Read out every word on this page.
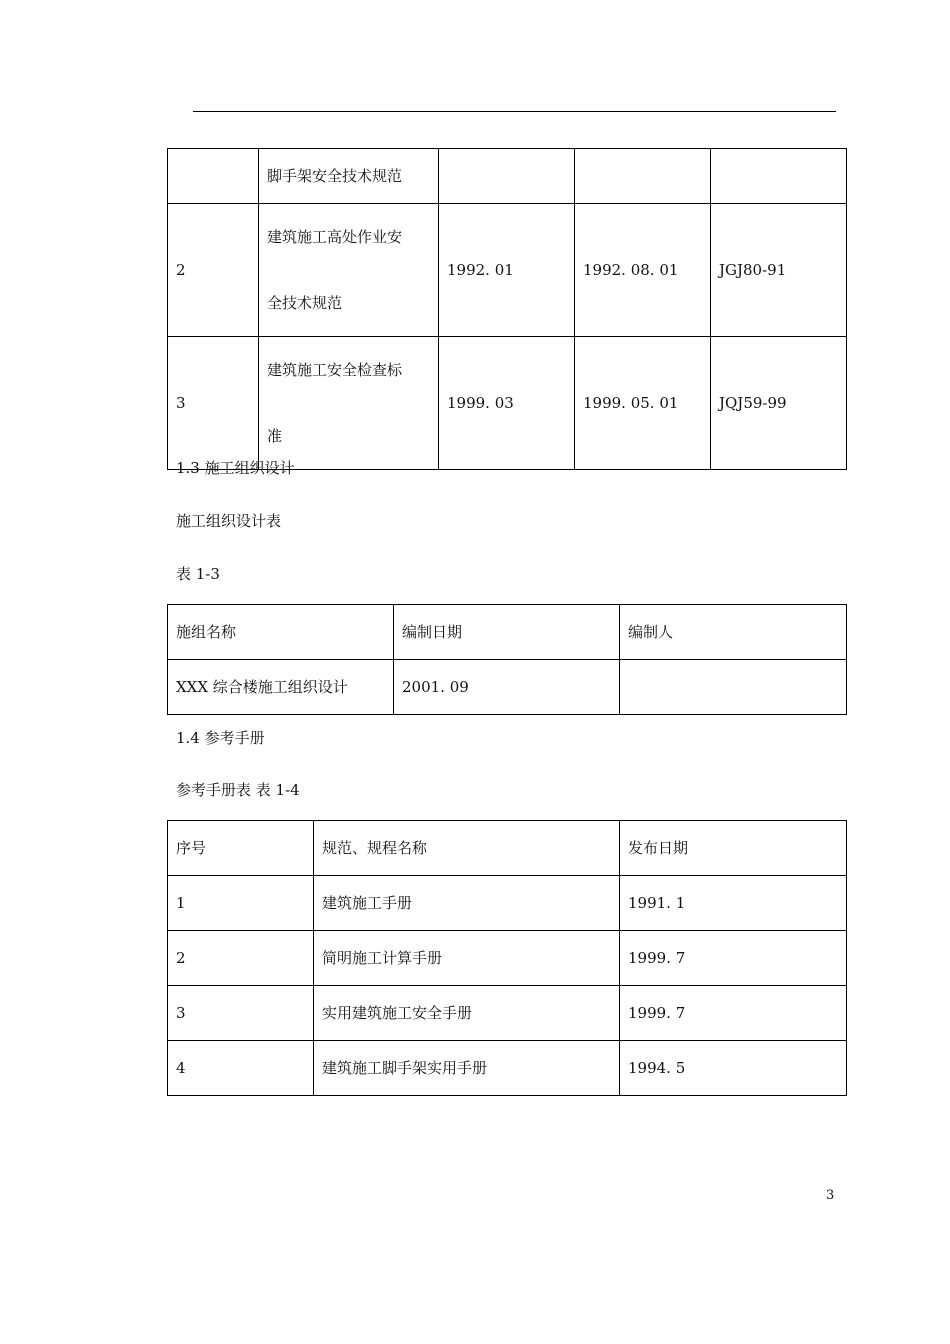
	脚手架安全技术规范			
2	建筑施工高处作业安
全技术规范	1992. 01	1992. 08. 01	JGJ80-91
3	建筑施工安全检查标
准	1999. 03	1999. 05. 01	JQJ59-99
1.3 施工组织设计
施工组织设计表
表 1-3
施组名称	编制日期	编制人
XXX 综合楼施工组织设计	2001. 09	
1.4 参考手册
参考手册表 表 1-4
序号	规范、规程名称	发布日期
1	建筑施工手册	1991. 1
2	简明施工计算手册	1999. 7
3	实用建筑施工安全手册	1999. 7
4	建筑施工脚手架实用手册	1994. 5
3
